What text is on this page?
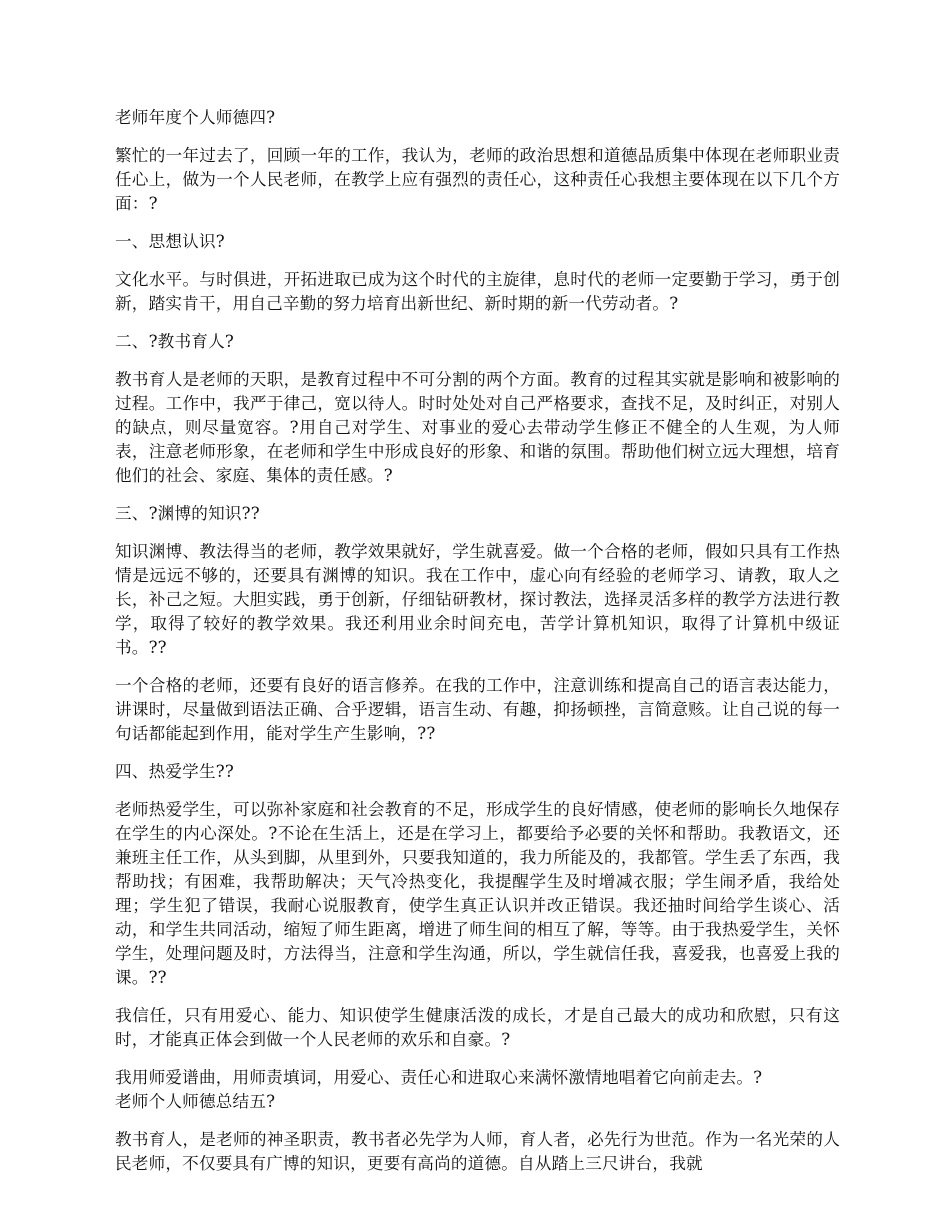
老师年度个人师德四?

繁忙的一年过去了，回顾一年的工作，我认为，老师的政治思想和道德品质集中体现在老师职业责任心上，做为一个人民老师，在教学上应有强烈的责任心，这种责任心我想主要体现在以下几个方面：?

一、思想认识?

文化水平。与时俱进，开拓进取已成为这个时代的主旋律，息时代的老师一定要勤于学习，勇于创新，踏实肯干，用自己辛勤的努力培育出新世纪、新时期的新一代劳动者。?

二、?教书育人?

教书育人是老师的天职，是教育过程中不可分割的两个方面。教育的过程其实就是影响和被影响的过程。工作中，我严于律己，宽以待人。时时处处对自己严格要求，查找不足，及时纠正，对别人的缺点，则尽量宽容。?用自己对学生、对事业的爱心去带动学生修正不健全的人生观，为人师表，注意老师形象，在老师和学生中形成良好的形象、和谐的氛围。帮助他们树立远大理想，培育他们的社会、家庭、集体的责任感。?

三、?渊博的知识??

知识渊博、教法得当的老师，教学效果就好，学生就喜爱。做一个合格的老师，假如只具有工作热情是远远不够的，还要具有渊博的知识。我在工作中，虚心向有经验的老师学习、请教，取人之长，补己之短。大胆实践，勇于创新，仔细钻研教材，探讨教法，选择灵活多样的教学方法进行教学，取得了较好的教学效果。我还利用业余时间充电，苦学计算机知识，取得了计算机中级证书。??

一个合格的老师，还要有良好的语言修养。在我的工作中，注意训练和提高自己的语言表达能力，讲课时，尽量做到语法正确、合乎逻辑，语言生动、有趣，抑扬顿挫，言简意赅。让自己说的每一句话都能起到作用，能对学生产生影响，??

四、热爱学生??

老师热爱学生，可以弥补家庭和社会教育的不足，形成学生的良好情感，使老师的影响长久地保存在学生的内心深处。?不论在生活上，还是在学习上，都要给予必要的关怀和帮助。我教语文，还兼班主任工作，从头到脚，从里到外，只要我知道的，我力所能及的，我都管。学生丢了东西，我帮助找；有困难，我帮助解决；天气冷热变化，我提醒学生及时增减衣服；学生闹矛盾，我给处理；学生犯了错误，我耐心说服教育，使学生真正认识并改正错误。我还抽时间给学生谈心、活动，和学生共同活动，缩短了师生距离，增进了师生间的相互了解，等等。由于我热爱学生，关怀学生，处理问题及时，方法得当，注意和学生沟通，所以，学生就信任我，喜爱我，也喜爱上我的课。??

我信任，只有用爱心、能力、知识使学生健康活泼的成长，才是自己最大的成功和欣慰，只有这时，才能真正体会到做一个人民老师的欢乐和自豪。?

我用师爱谱曲，用师责填词，用爱心、责任心和进取心来满怀激情地唱着它向前走去。?

老师个人师德总结五?

教书育人，是老师的神圣职责，教书者必先学为人师，育人者，必先行为世范。作为一名光荣的人民老师，不仅要具有广博的知识，更要有高尚的道德。自从踏上三尺讲台，我就
